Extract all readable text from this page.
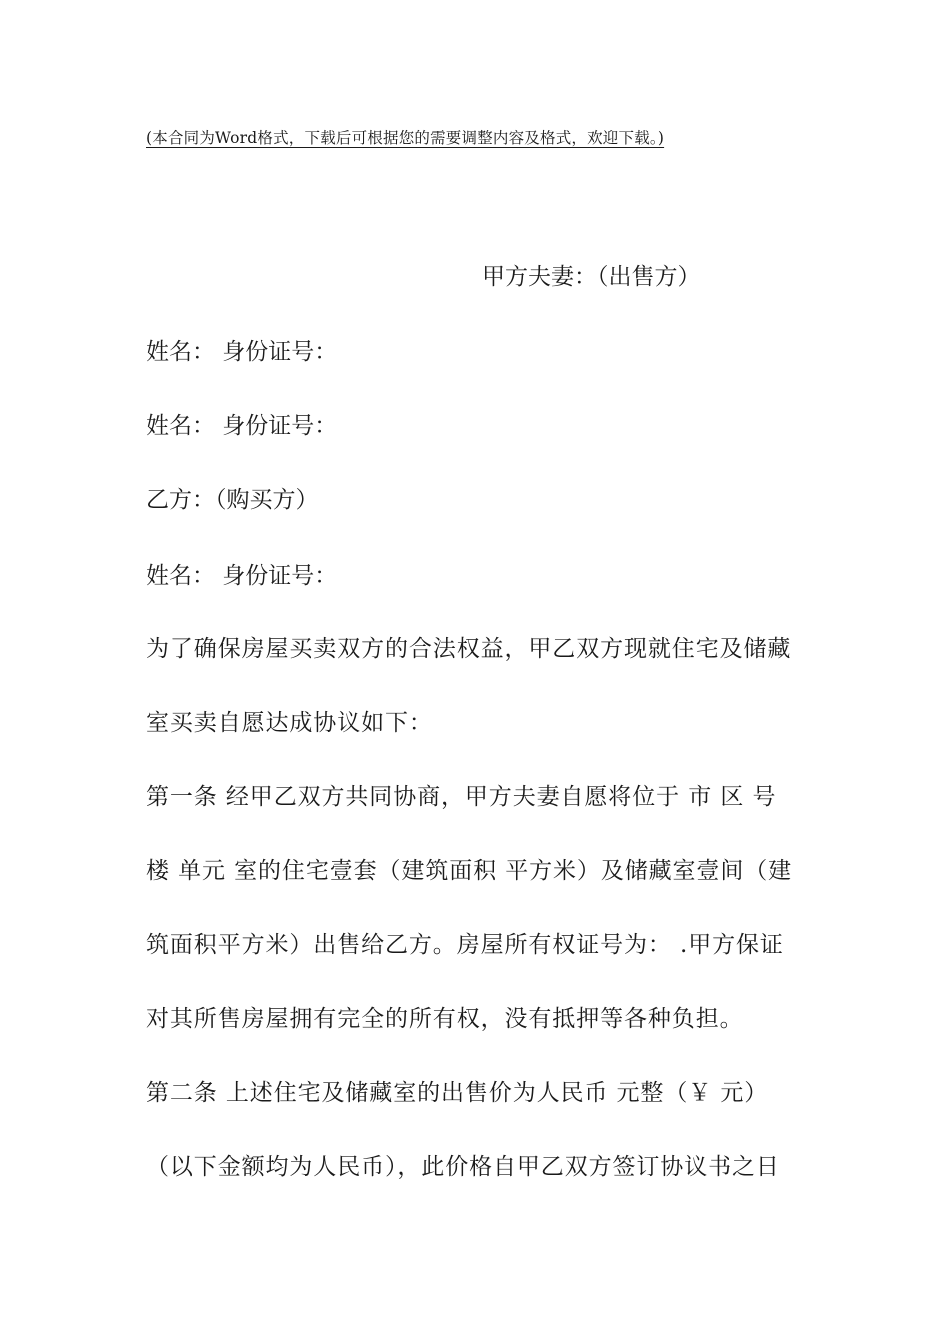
(本合同为Word格式，下载后可根据您的需要调整内容及格式，欢迎下载。)
甲方夫妻：（出售方）
姓名： 身份证号：
姓名： 身份证号：
乙方：（购买方）
姓名： 身份证号：

为了确保房屋买卖双方的合法权益，甲乙双方现就住宅及储藏

室买卖自愿达成协议如下：

第一条 经甲乙双方共同协商，甲方夫妻自愿将位于 市 区 号

楼 单元 室的住宅壹套（建筑面积 平方米）及储藏室壹间（建

筑面积平方米）出售给乙方。房屋所有权证号为： .甲方保证

对其所售房屋拥有完全的所有权，没有抵押等各种负担。

第二条 上述住宅及储藏室的出售价为人民币 元整（￥ 元）

（以下金额均为人民币），此价格自甲乙双方签订协议书之日
